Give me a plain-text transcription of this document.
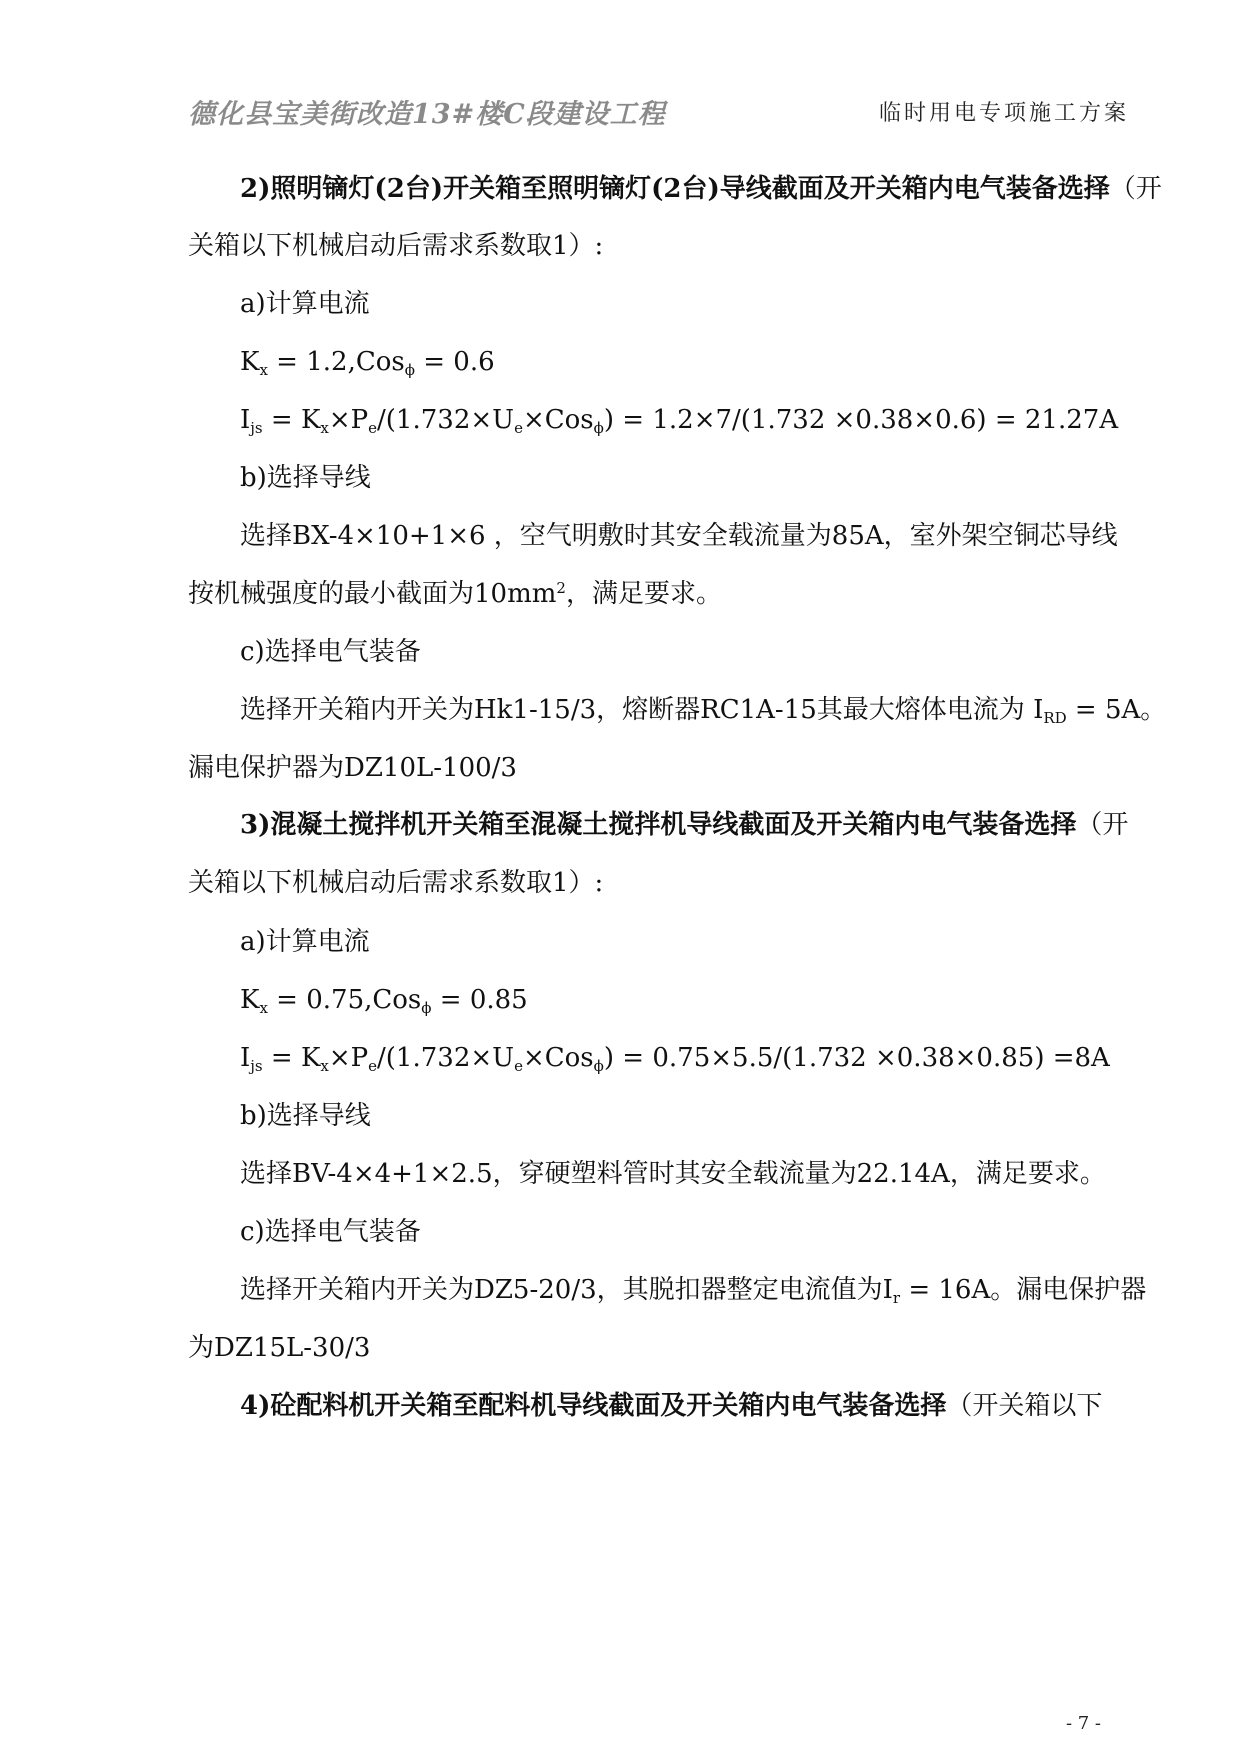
德化县宝美街改造13#楼C段建设工程	临时用电专项施工方案
2)照明镝灯(2台)开关箱至照明镝灯(2台)导线截面及开关箱内电气装备选择（开
关箱以下机械启动后需求系数取1）:
a)计算电流
$K_x = 1.2,Cos_\phi = 0.6$
$I_{js} = K_x\times P_e/(1.732\times U_e\times Cos_\phi) = 1.2\times 7/(1.732 \times 0.38\times 0.6) = 21.27A$
b)选择导线
选择BX-4×10+1×6 ，空气明敷时其安全载流量为85A，室外架空铜芯导线
按机械强度的最小截面为$10mm^2$，满足要求。
c)选择电气装备
选择开关箱内开关为Hk1-15/3，熔断器RC1A-15其最大熔体电流为 $I_{RD} = 5A$。
漏电保护器为DZ10L-100/3
3)混凝土搅拌机开关箱至混凝土搅拌机导线截面及开关箱内电气装备选择（开
关箱以下机械启动后需求系数取1）:
a)计算电流
$K_x = 0.75,Cos_\phi = 0.85$
$I_{js} = K_x\times P_e/(1.732\times U_e\times Cos_\phi) = 0.75\times 5.5/(1.732 \times 0.38\times 0.85) =8A$
b)选择导线
选择BV-4×4+1×2.5，穿硬塑料管时其安全载流量为22.14A，满足要求。
c)选择电气装备
选择开关箱内开关为DZ5-20/3，其脱扣器整定电流值为$I_r = 16A$。漏电保护器
为DZ15L-30/3
4)砼配料机开关箱至配料机导线截面及开关箱内电气装备选择（开关箱以下
- 7 -
